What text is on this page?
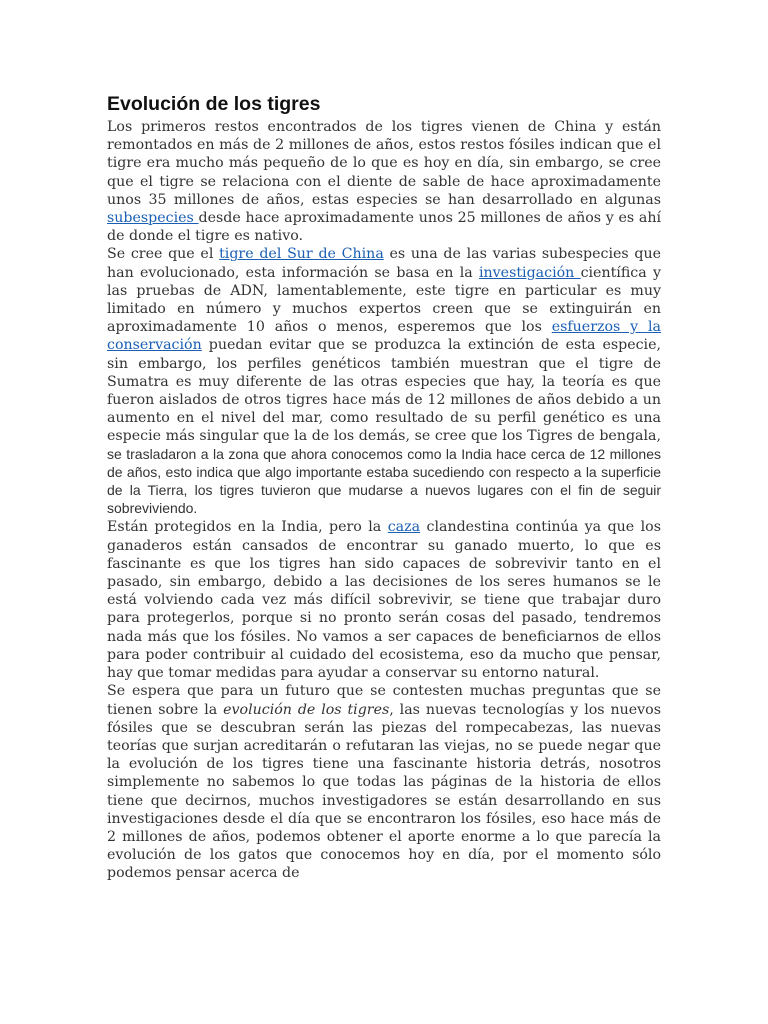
Evolución de los tigres

Los primeros restos encontrados de los tigres vienen de China y están remontados en más de 2 millones de años, estos restos fósiles indican que el tigre era mucho más pequeño de lo que es hoy en día, sin embargo, se cree que el tigre se relaciona con el diente de sable de hace aproximadamente unos 35 millones de años, estas especies se han desarrollado en algunas subespecies desde hace aproximadamente unos 25 millones de años y es ahí de donde el tigre es nativo.

Se cree que el tigre del Sur de China es una de las varias subespecies que han evolucionado, esta información se basa en la investigación científica y las pruebas de ADN, lamentablemente, este tigre en particular es muy limitado en número y muchos expertos creen que se extinguirán en aproximadamente 10 años o menos, esperemos que los esfuerzos y la conservación puedan evitar que se produzca la extinción de esta especie, sin embargo, los perfiles genéticos también muestran que el tigre de Sumatra es muy diferente de las otras especies que hay, la teoría es que fueron aislados de otros tigres hace más de 12 millones de años debido a un aumento en el nivel del mar, como resultado de su perfil genético es una especie más singular que la de los demás, se cree que los Tigres de bengala, se trasladaron a la zona que ahora conocemos como la India hace cerca de 12 millones de años, esto indica que algo importante estaba sucediendo con respecto a la superficie de la Tierra, los tigres tuvieron que mudarse a nuevos lugares con el fin de seguir sobreviviendo.

Están protegidos en la India, pero la caza clandestina continúa ya que los ganaderos están cansados de encontrar su ganado muerto, lo que es fascinante es que los tigres han sido capaces de sobrevivir tanto en el pasado, sin embargo, debido a las decisiones de los seres humanos se le está volviendo cada vez más difícil sobrevivir, se tiene que trabajar duro para protegerlos, porque si no pronto serán cosas del pasado, tendremos nada más que los fósiles. No vamos a ser capaces de beneficiarnos de ellos para poder contribuir al cuidado del ecosistema, eso da mucho que pensar, hay que tomar medidas para ayudar a conservar su entorno natural.

Se espera que para un futuro que se contesten muchas preguntas que se tienen sobre la evolución de los tigres, las nuevas tecnologías y los nuevos fósiles que se descubran serán las piezas del rompecabezas, las nuevas teorías que surjan acreditarán o refutaran las viejas, no se puede negar que la evolución de los tigres tiene una fascinante historia detrás, nosotros simplemente no sabemos lo que todas las páginas de la historia de ellos tiene que decirnos, muchos investigadores se están desarrollando en sus investigaciones desde el día que se encontraron los fósiles, eso hace más de 2 millones de años, podemos obtener el aporte enorme a lo que parecía la evolución de los gatos que conocemos hoy en día, por el momento sólo podemos pensar acerca de
